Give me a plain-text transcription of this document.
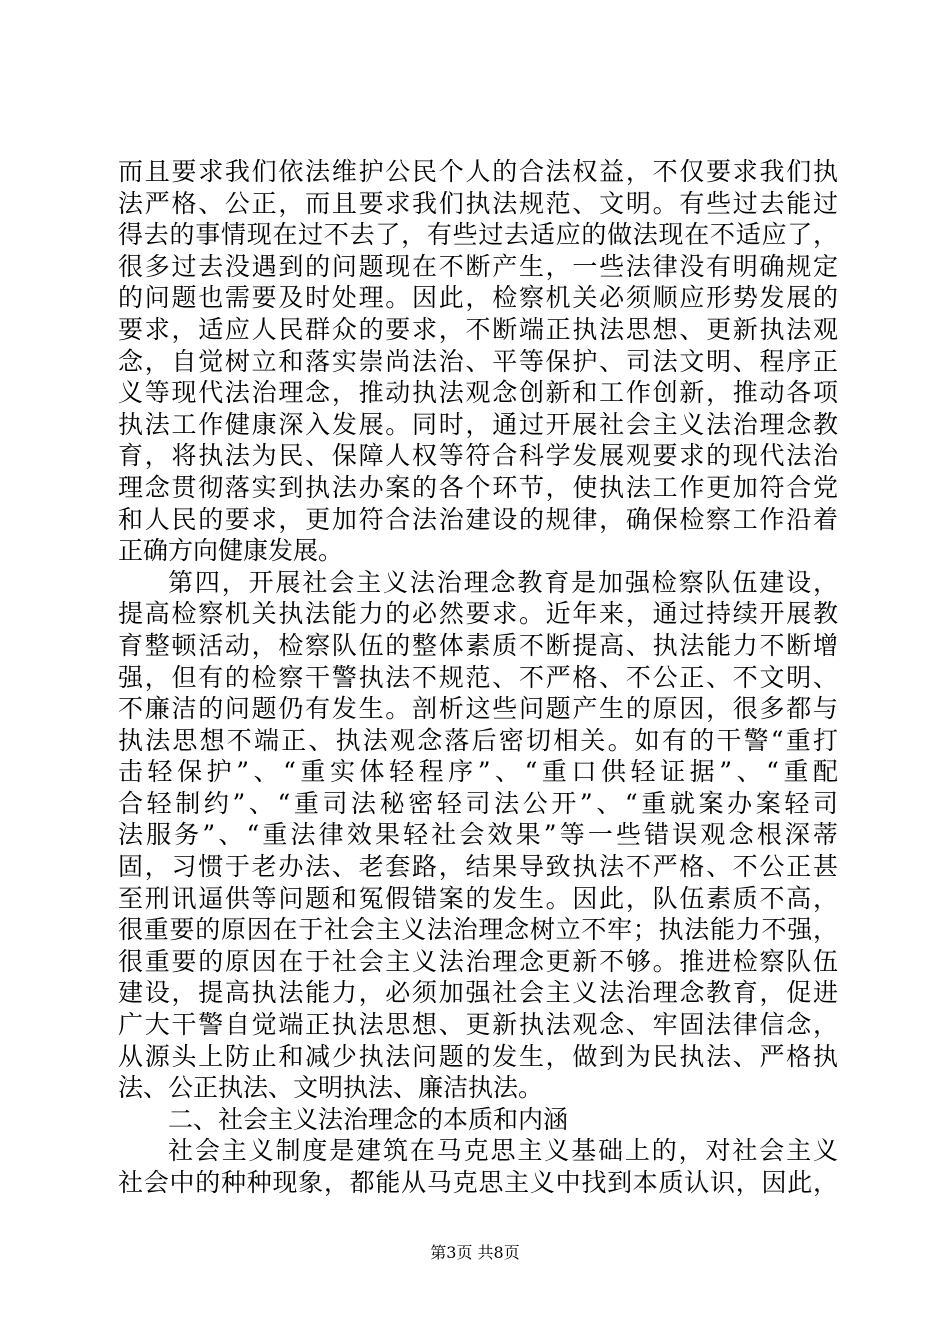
而且要求我们依法维护公民个人的合法权益，不仅要求我们执
法严格、公正，而且要求我们执法规范、文明。有些过去能过
得去的事情现在过不去了，有些过去适应的做法现在不适应了，
很多过去没遇到的问题现在不断产生，一些法律没有明确规定
的问题也需要及时处理。因此，检察机关必须顺应形势发展的
要求，适应人民群众的要求，不断端正执法思想、更新执法观
念，自觉树立和落实崇尚法治、平等保护、司法文明、程序正
义等现代法治理念，推动执法观念创新和工作创新，推动各项
执法工作健康深入发展。同时，通过开展社会主义法治理念教
育，将执法为民、保障人权等符合科学发展观要求的现代法治
理念贯彻落实到执法办案的各个环节，使执法工作更加符合党
和人民的要求，更加符合法治建设的规律，确保检察工作沿着
正确方向健康发展。
第四，开展社会主义法治理念教育是加强检察队伍建设，
提高检察机关执法能力的必然要求。近年来，通过持续开展教
育整顿活动，检察队伍的整体素质不断提高、执法能力不断增
强，但有的检察干警执法不规范、不严格、不公正、不文明、
不廉洁的问题仍有发生。剖析这些问题产生的原因，很多都与
执法思想不端正、执法观念落后密切相关。如有的干警“重打
击轻保护”、“重实体轻程序”、“重口供轻证据”、“重配
合轻制约”、“重司法秘密轻司法公开”、“重就案办案轻司
法服务”、“重法律效果轻社会效果”等一些错误观念根深蒂
固，习惯于老办法、老套路，结果导致执法不严格、不公正甚
至刑讯逼供等问题和冤假错案的发生。因此，队伍素质不高，
很重要的原因在于社会主义法治理念树立不牢；执法能力不强，
很重要的原因在于社会主义法治理念更新不够。推进检察队伍
建设，提高执法能力，必须加强社会主义法治理念教育，促进
广大干警自觉端正执法思想、更新执法观念、牢固法律信念，
从源头上防止和减少执法问题的发生，做到为民执法、严格执
法、公正执法、文明执法、廉洁执法。
二、社会主义法治理念的本质和内涵
社会主义制度是建筑在马克思主义基础上的，对社会主义
社会中的种种现象，都能从马克思主义中找到本质认识，因此，
第3页 共8页
